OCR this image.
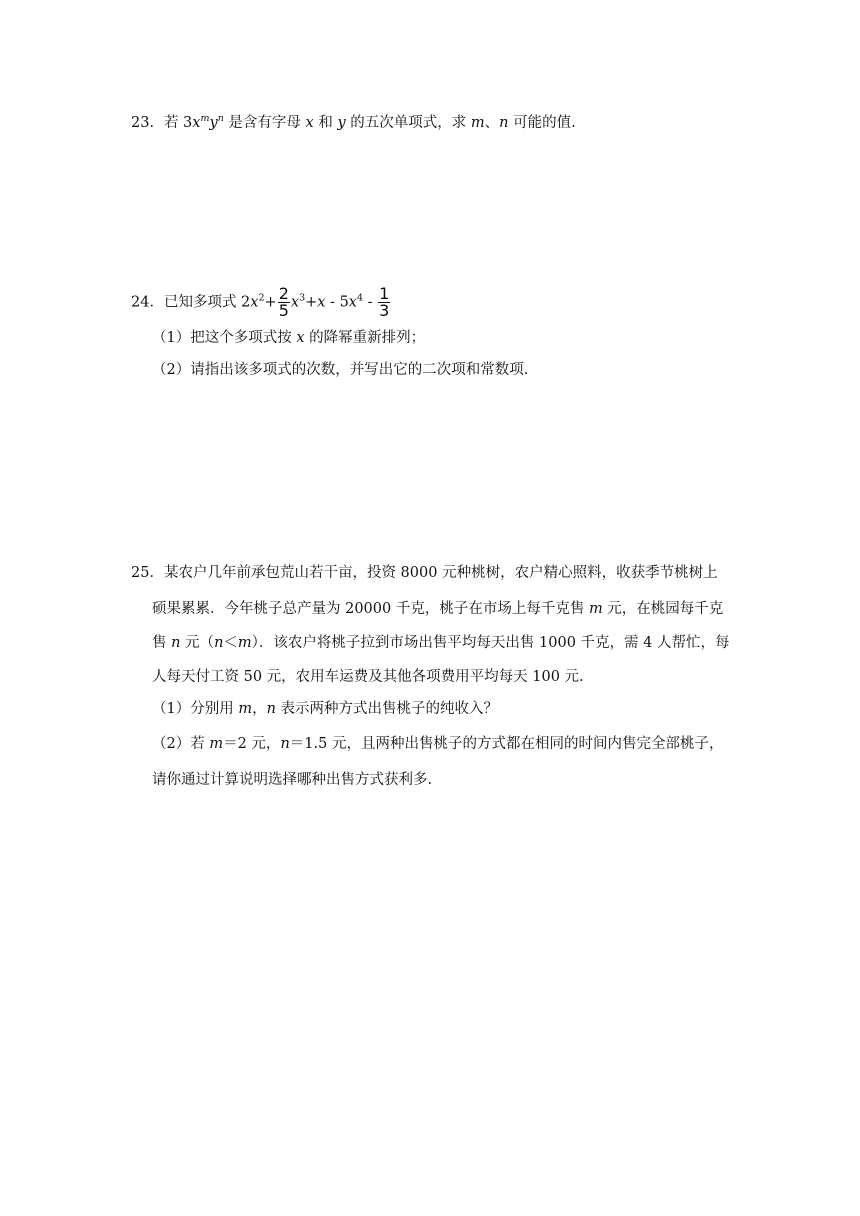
23．若 $3x^my^n$ 是含有字母 x 和 y 的五次单项式，求 m、n 可能的值.
24．已知多项式 $2x^2+ \frac{2}{5} x^3+x - 5x^4 - \frac{1}{3}$
（1）把这个多项式按 x 的降幂重新排列；
（2）请指出该多项式的次数，并写出它的二次项和常数项.
25．某农户几年前承包荒山若干亩，投资 8000 元种桃树，农户精心照料，收获季节桃树上
硕果累累．今年桃子总产量为 20000 千克，桃子在市场上每千克售 m 元，在桃园每千克
售 n 元（n＜m）．该农户将桃子拉到市场出售平均每天出售 1000 千克，需 4 人帮忙，每
人每天付工资 50 元，农用车运费及其他各项费用平均每天 100 元.
（1）分别用 m，n 表示两种方式出售桃子的纯收入？
（2）若 m＝2 元，n＝1.5 元，且两种出售桃子的方式都在相同的时间内售完全部桃子，
请你通过计算说明选择哪种出售方式获利多.
